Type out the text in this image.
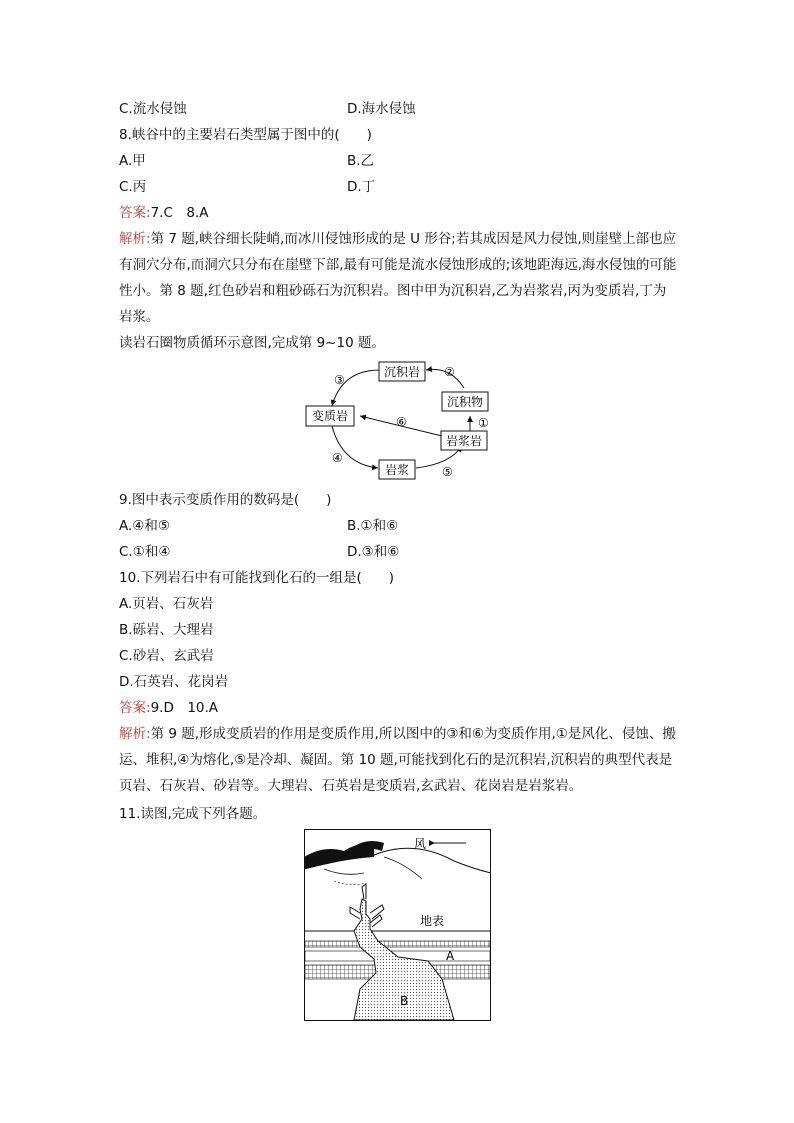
C.流水侵蚀	D.海水侵蚀
8.峡谷中的主要岩石类型属于图中的(　　)
A.甲	B.乙
C.丙	D.丁
答案:7.C　8.A
解析:第 7 题,峡谷细长陡峭,而冰川侵蚀形成的是 U 形谷;若其成因是风力侵蚀,则崖壁上部也应有洞穴分布,而洞穴只分布在崖壁下部,最有可能是流水侵蚀形成的;该地距海远,海水侵蚀的可能性小。第 8 题,红色砂岩和粗砂砾石为沉积岩。图中甲为沉积岩,乙为岩浆岩,丙为变质岩,丁为岩浆。
读岩石圈物质循环示意图,完成第 9~10 题。
沉积岩
沉积物
变质岩
岩浆岩
岩浆
①
②
③
④
⑤
⑥
9.图中表示变质作用的数码是(　　)
A.④和⑤	B.①和⑥
C.①和④	D.③和⑥
10.下列岩石中有可能找到化石的一组是(　　)
A.页岩、石灰岩
B.砾岩、大理岩
C.砂岩、玄武岩
D.石英岩、花岗岩
答案:9.D　10.A
解析:第 9 题,形成变质岩的作用是变质作用,所以图中的③和⑥为变质作用,①是风化、侵蚀、搬运、堆积,④为熔化,⑤是冷却、凝固。第 10 题,可能找到化石的是沉积岩,沉积岩的典型代表是页岩、石灰岩、砂岩等。大理岩、石英岩是变质岩,玄武岩、花岗岩是岩浆岩。
11.读图,完成下列各题。
风
地表
A
B
